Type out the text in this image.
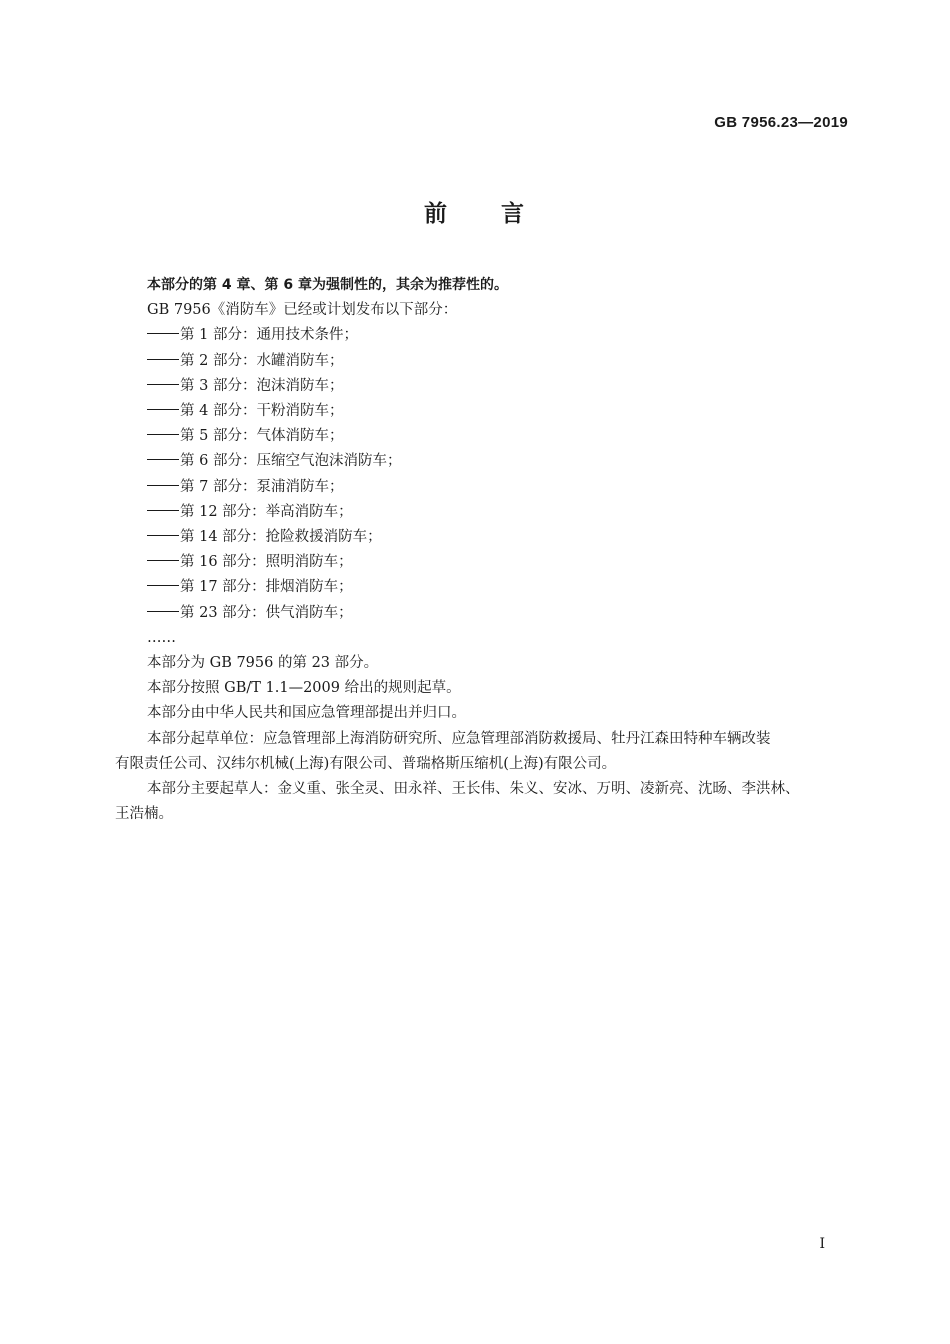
GB 7956.23—2019
前 言
本部分的第 4 章、第 6 章为强制性的，其余为推荐性的。
GB 7956《消防车》已经或计划发布以下部分：
第 1 部分：通用技术条件；
第 2 部分：水罐消防车；
第 3 部分：泡沫消防车；
第 4 部分：干粉消防车；
第 5 部分：气体消防车；
第 6 部分：压缩空气泡沫消防车；
第 7 部分：泵浦消防车；
第 12 部分：举高消防车；
第 14 部分：抢险救援消防车；
第 16 部分：照明消防车；
第 17 部分：排烟消防车；
第 23 部分：供气消防车；
……
本部分为 GB 7956 的第 23 部分。
本部分按照 GB/T 1.1—2009 给出的规则起草。
本部分由中华人民共和国应急管理部提出并归口。
本部分起草单位：应急管理部上海消防研究所、应急管理部消防救援局、牡丹江森田特种车辆改装
有限责任公司、汉纬尔机械(上海)有限公司、普瑞格斯压缩机(上海)有限公司。
本部分主要起草人：金义重、张全灵、田永祥、王长伟、朱义、安冰、万明、凌新亮、沈旸、李洪林、
王浩楠。
I
